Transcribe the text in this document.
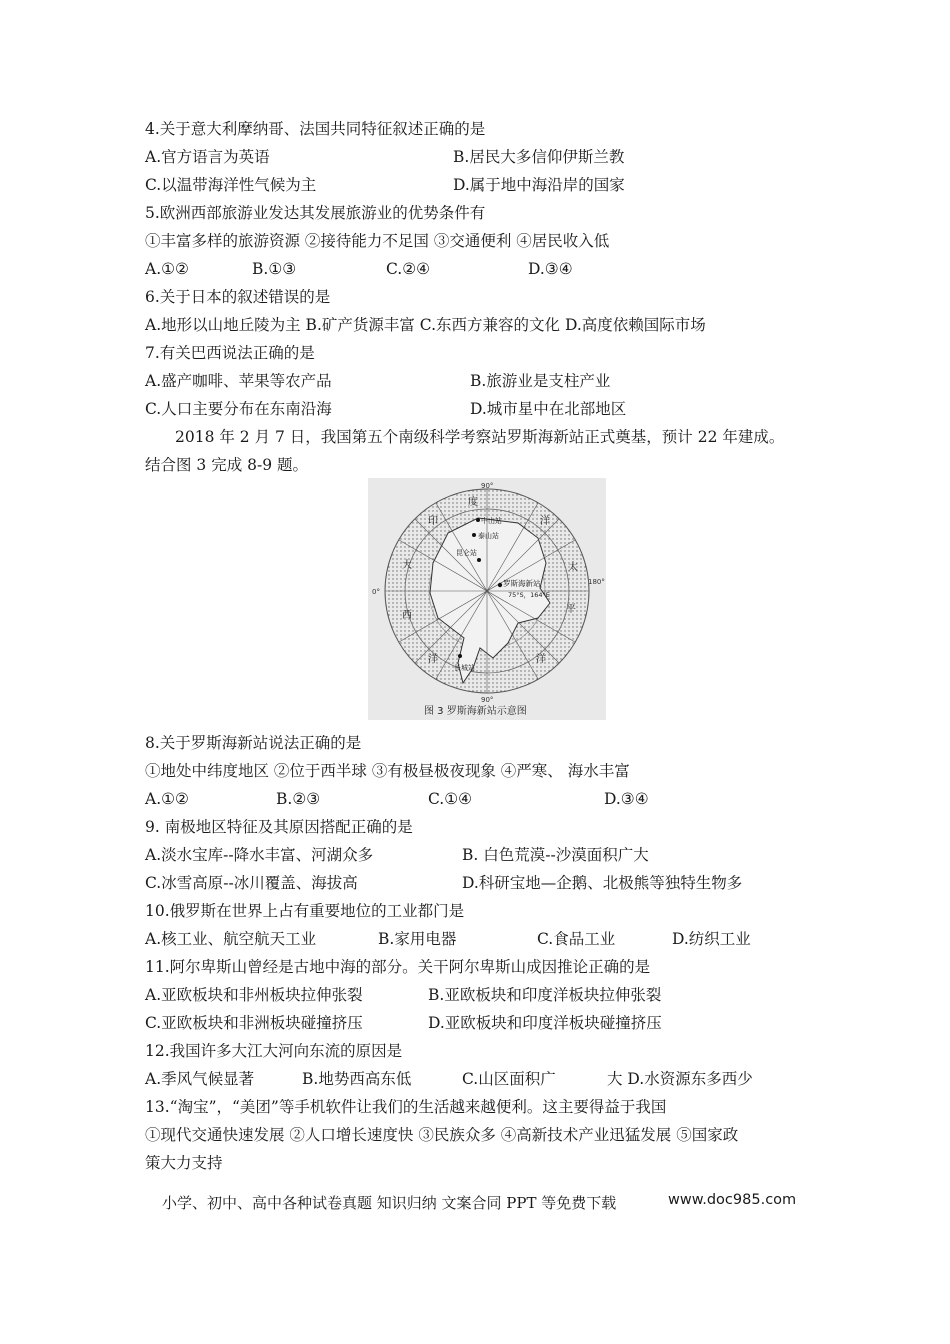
4.关于意大利摩纳哥、法国共同特征叙述正确的是
A.官方语言为英语	B.居民大多信仰伊斯兰教
C.以温带海洋性气候为主	D.属于地中海沿岸的国家
5.欧洲西部旅游业发达其发展旅游业的优势条件有
①丰富多样的旅游资源 ②接待能力不足国 ③交通便利 ④居民收入低
A.①②	B.①③	C.②④	D.③④
6.关于日本的叙述错误的是
A.地形以山地丘陵为主 B.矿产货源丰富 C.东西方兼容的文化 D.高度依赖国际市场
7.有关巴西说法正确的是
A.盛产咖啡、苹果等农产品	B.旅游业是支柱产业
C.人口主要分布在东南沿海	D.城市星中在北部地区
2018 年 2 月 7 日，我国第五个南级科学考察站罗斯海新站正式奠基，预计 22 年建成。
结合图 3 完成 8-9 题。
90°
90°
0°
180°
度
印	洋
大	太
平
西
洋	洋
中山站
泰山站
昆仑站
罗斯海新站
75°S，164°E
长城站
图 3 罗斯海新站示意图
8.关于罗斯海新站说法正确的是
①地处中纬度地区 ②位于西半球 ③有极昼极夜现象 ④严寒、 海水丰富
A.①②	B.②③	C.①④	D.③④
9. 南极地区特征及其原因搭配正确的是
A.淡水宝库--降水丰富、河湖众多	B. 白色荒漠--沙漠面积广大
C.冰雪高原--冰川覆盖、海拔高	D.科研宝地—企鹅、北极熊等独特生物多
10.俄罗斯在世界上占有重要地位的工业都门是
A.核工业、航空航天工业	B.家用电器	C.食品工业	D.纺织工业
11.阿尔卑斯山曾经是古地中海的部分。关干阿尔卑斯山成因推论正确的是
A.亚欧板块和非州板块拉伸张裂	B.亚欧板块和印度洋板块拉伸张裂
C.亚欧板块和非洲板块碰撞挤压	D.亚欧板块和印度洋板块碰撞挤压
12.我国许多大江大河向东流的原因是
A.季风气候显著	B.地势西高东低	C.山区面积广	大 D.水资源东多西少
13.“淘宝”，“美团”等手机软件让我们的生活越来越便利。这主要得益于我国
①现代交通快速发展 ②人口增长速度快 ③民族众多 ④高新技术产业迅猛发展 ⑤国家政
策大力支持
小学、初中、高中各种试卷真题 知识归纳 文案合同 PPT 等免费下载	www.doc985.com
